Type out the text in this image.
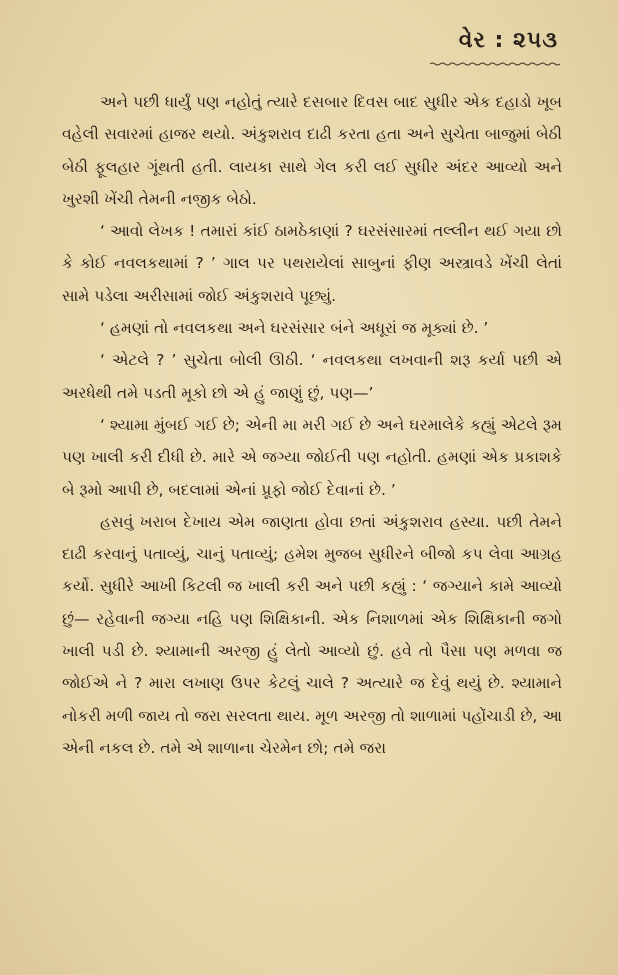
વેર : ૨૫૩

અને પછી ધાર્યું પણ નહોતું ત્યારે દસબાર દિવસ બાદ સુધીર એક દહાડો ખૂબ વહેલી સવારમાં હાજર થયો. અંકુશરાવ દાઢી કરતા હતા અને સુચેતા બાજુમાં બેઠી બેઠી ફૂલહાર ગૂંથતી હતી. લાયકા સાથે ગેલ કરી લઈ સુધીર અંદર આવ્યો અને ખુરશી ખેંચી તેમની નજીક બેઠો.

‘ આવો લેખક ! તમારાં કાંઈ ઠામઠેકાણાં ? ઘરસંસારમાં તલ્લીન થઈ ગયા છો કે કોઈ નવલકથામાં ? ’ ગાલ પર પથરાયેલાં સાબુનાં ફીણ અસ્ત્રાવડે ખેંચી લેતાં સામે પડેલા અરીસામાં જોઈ અંકુશરાવે પૂછ્યું.

‘ હમણાં તો નવલકથા અને ઘરસંસાર બંને અધૂરાં જ મૂક્યાં છે. ’

‘ એટલે ? ’ સુચેતા બોલી ઊઠી. ‘ નવલકથા લખવાની શરૂ કર્યા પછી એ અરધેથી તમે પડતી મૂકો છો એ હું જાણું છું, પણ—’

‘ શ્યામા મુંબઈ ગઈ છે; એની મા મરી ગઈ છે અને ઘરમાલેકે કહ્યું એટલે રૂમ પણ ખાલી કરી દીધી છે. મારે એ જગ્યા જોઈતી પણ નહોતી. હમણાં એક પ્રકાશકે બે રૂમો આપી છે, બદલામાં એનાં પ્રૂફો જોઈ દેવાનાં છે. ’

હસવું ખરાબ દેખાય એમ જાણતા હોવા છતાં અંકુશરાવ હસ્યા. પછી તેમને દાઢી કરવાનું પતાવ્યું, ચાનું પતાવ્યું; હમેશ મુજબ સુધીરને બીજો કપ લેવા આગ્રહ કર્યો. સુધીરે આખી કિટલી જ ખાલી કરી અને પછી કહ્યું : ‘ જગ્યાને કામે આવ્યો છું— રહેવાની જગ્યા નહિ પણ શિક્ષિકાની. એક નિશાળમાં એક શિક્ષિકાની જગો ખાલી પડી છે. શ્યામાની અરજી હું લેતો આવ્યો છું. હવે તો પૈસા પણ મળવા જ જોઈએ ને ? મારા લખાણ ઉપર કેટલું ચાલે ? અત્યારે જ દેવું થયું છે. શ્યામાને નોકરી મળી જાય તો જરા સરલતા થાય. મૂળ અરજી તો શાળામાં પહોંચાડી છે, આ એની નકલ છે. તમે એ શાળાના ચેરમેન છો; તમે જરા
